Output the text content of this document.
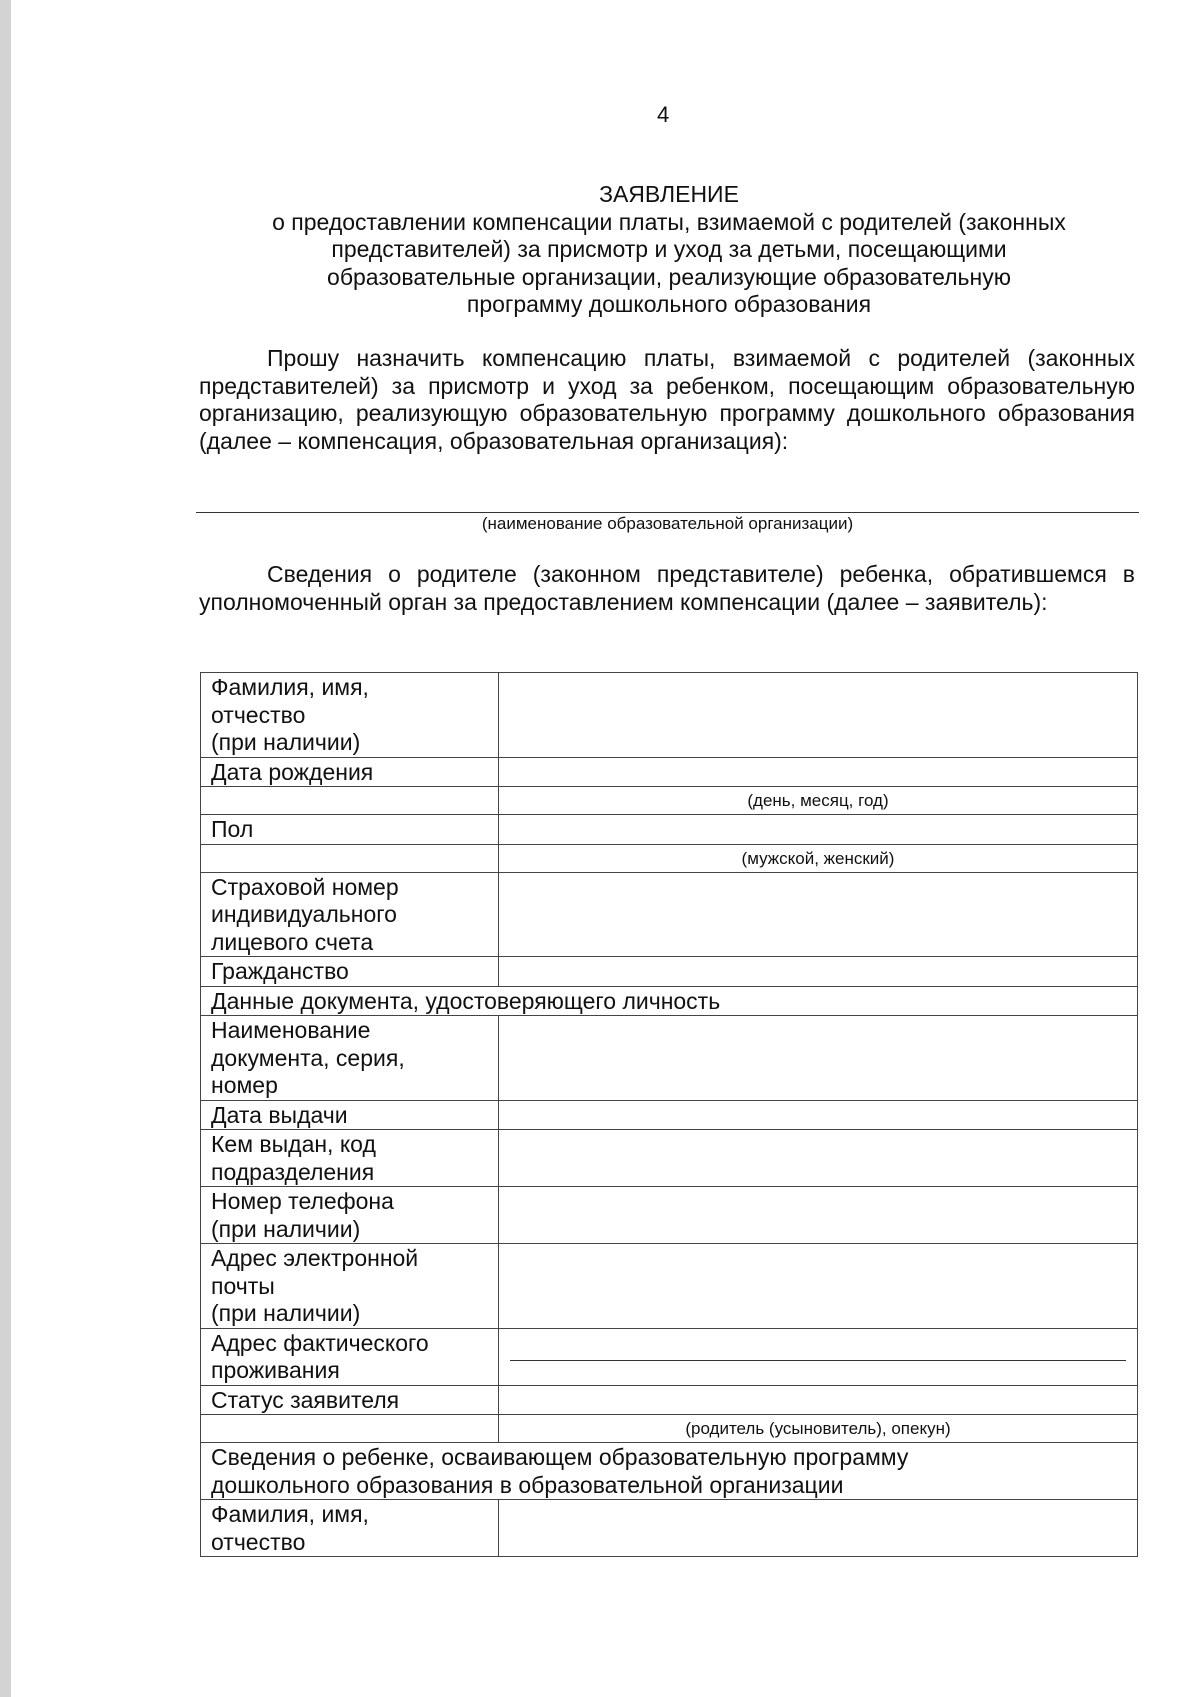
4
ЗАЯВЛЕНИЕ
о предоставлении компенсации платы, взимаемой с родителей (законных
представителей) за присмотр и уход за детьми, посещающими
образовательные организации, реализующие образовательную
программу дошкольного образования
Прошу назначить компенсацию платы, взимаемой с родителей (законных представителей) за присмотр и уход за ребенком, посещающим образовательную организацию, реализующую образовательную программу дошкольного образования (далее – компенсация, образовательная организация):
(наименование образовательной организации)
Сведения о родителе (законном представителе) ребенка, обратившемся в уполномоченный орган за предоставлением компенсации (далее – заявитель):
Фамилия, имя,
отчество
(при наличии)	
Дата рождения	
	(день, месяц, год)
Пол	
	(мужской, женский)
Страховой номер
индивидуального
лицевого счета	
Гражданство	
Данные документа, удостоверяющего личность	
Наименование
документа, серия,
номер	
Дата выдачи	
Кем выдан, код
подразделения	
Номер телефона
(при наличии)	
Адрес электронной
почты
(при наличии)	
Адрес фактического
проживания	

Статус заявителя	
	(родитель (усыновитель), опекун)
Сведения о ребенке, осваивающем образовательную программу
дошкольного образования в образовательной организации	
Фамилия, имя,
отчество	
